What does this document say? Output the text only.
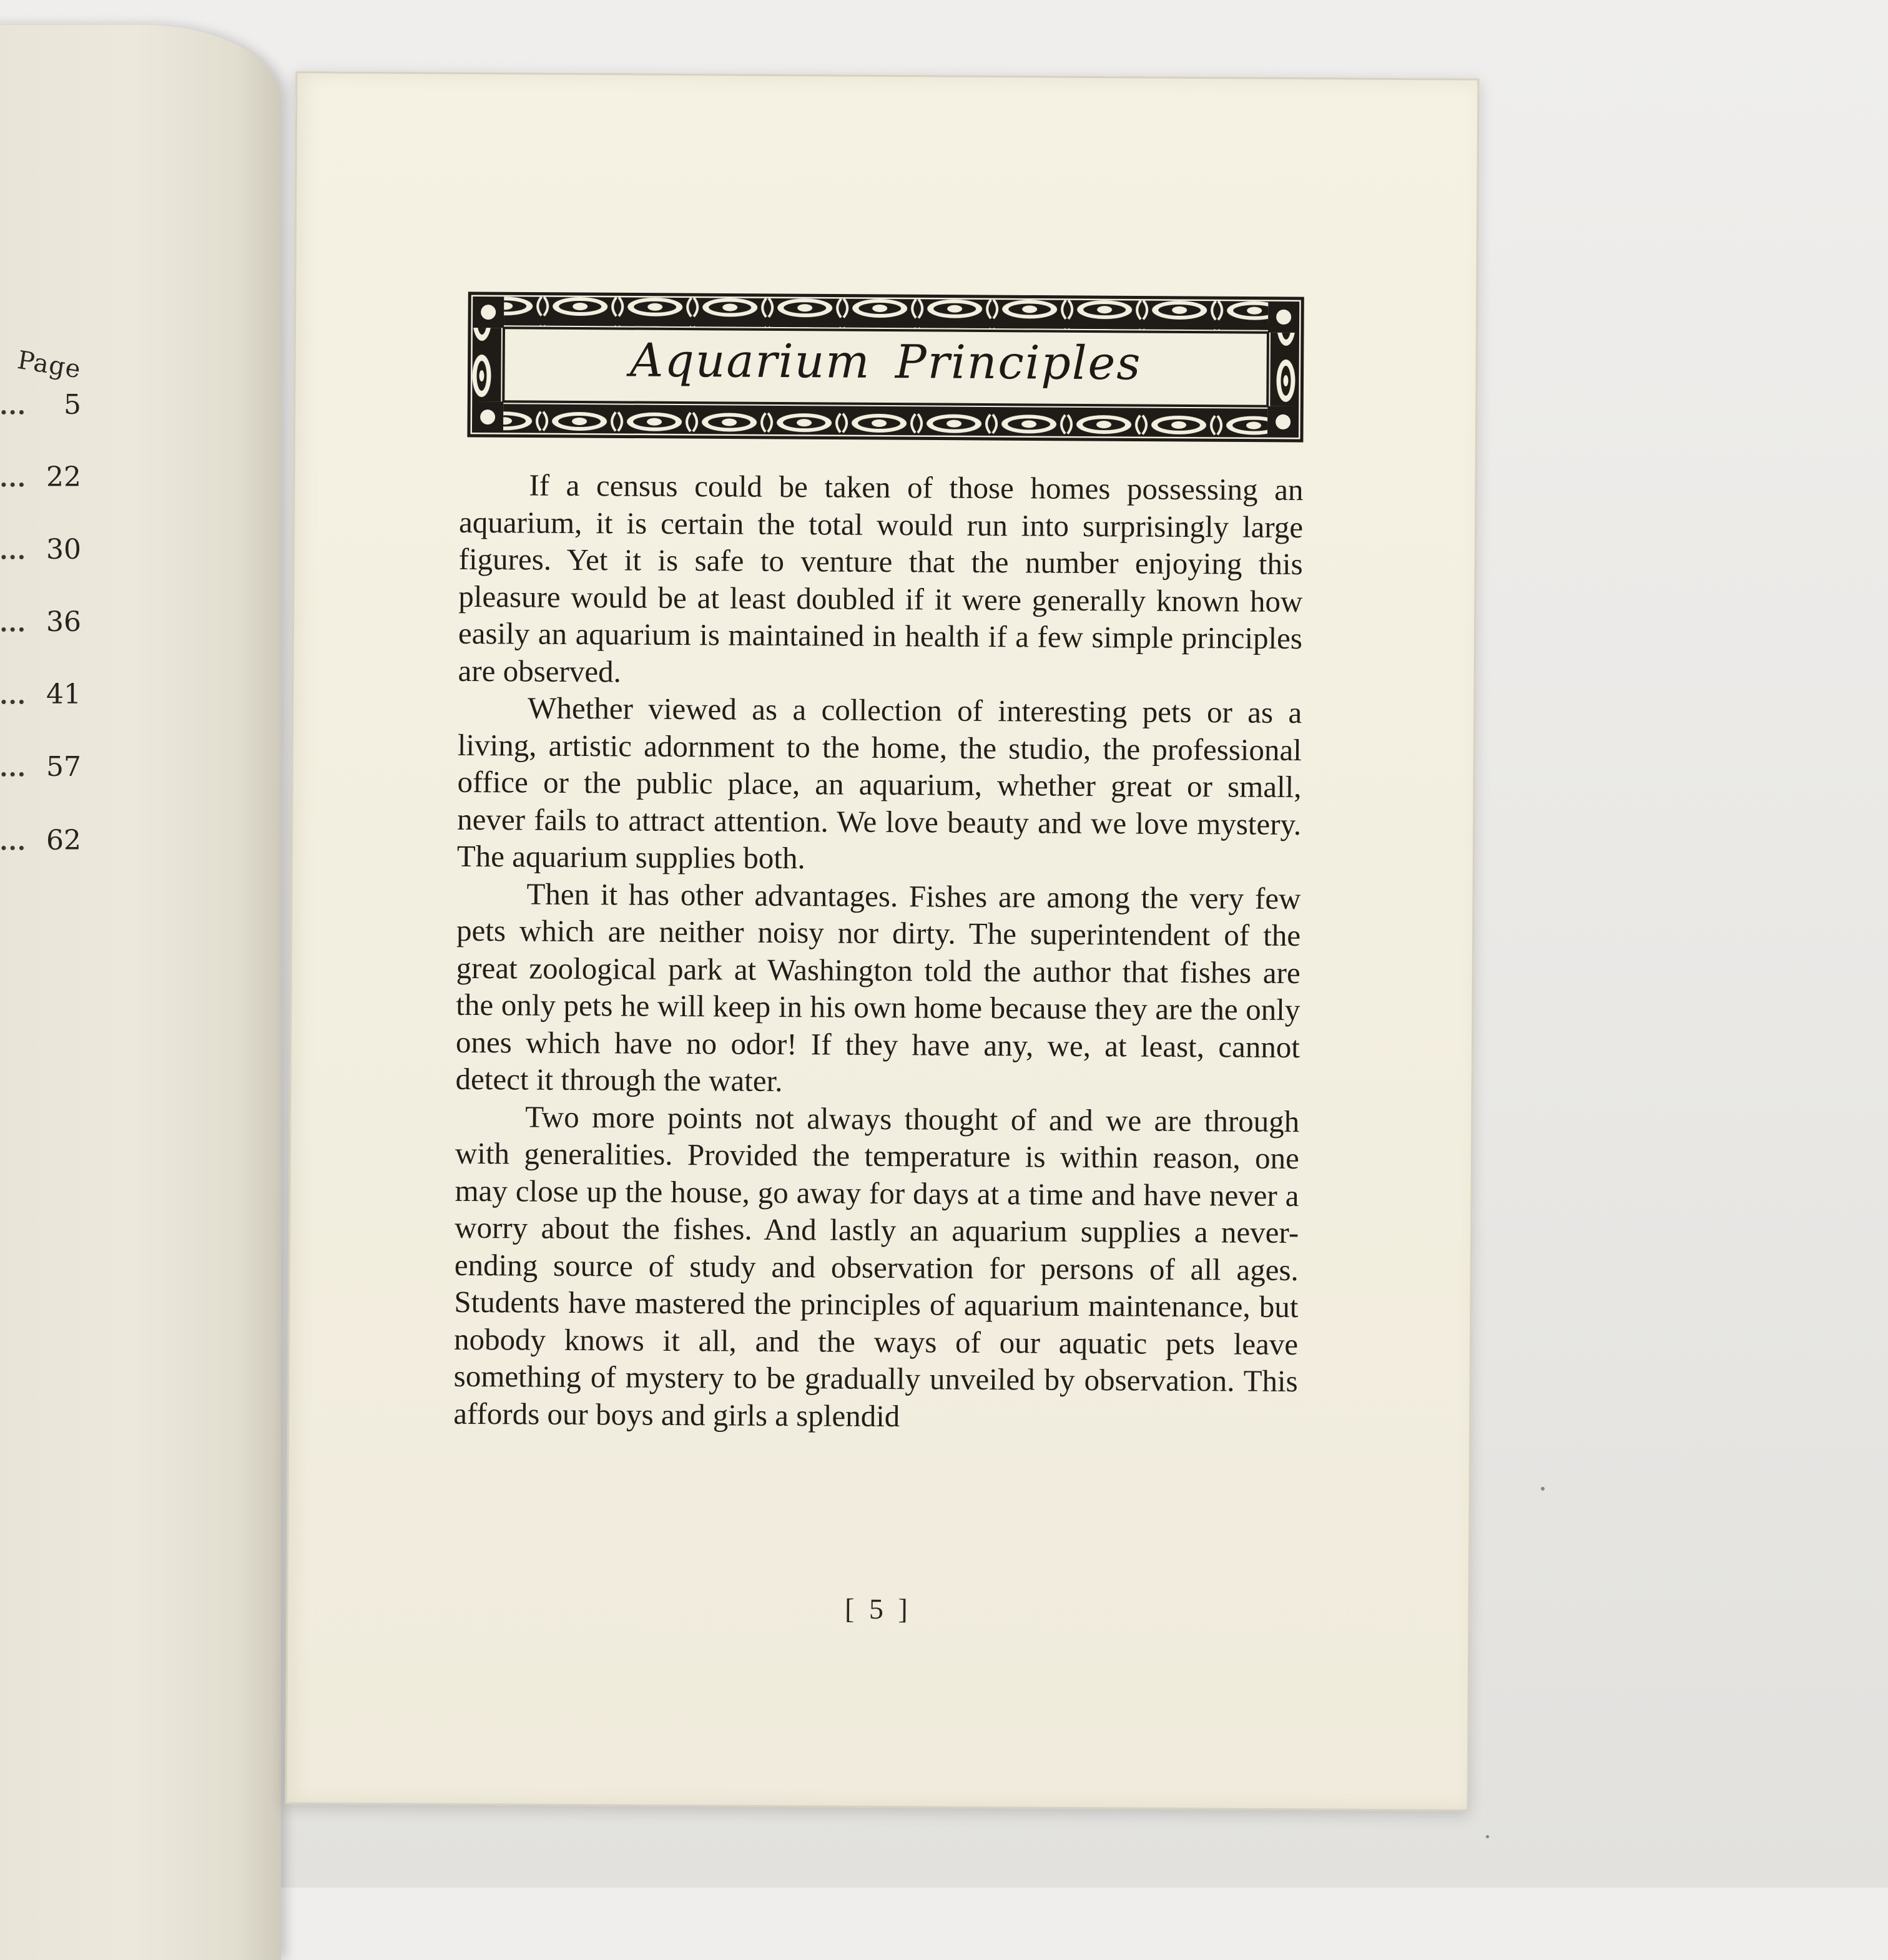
Page
5
22
30
36
41
57
62
Aquarium Principles

If a census could be taken of those homes possessing an aquarium, it is certain the total would run into surprisingly large figures. Yet it is safe to venture that the number enjoying this pleasure would be at least doubled if it were generally known how easily an aquarium is maintained in health if a few simple principles are observed.

Whether viewed as a collection of interesting pets or as a living, artistic adornment to the home, the studio, the professional office or the public place, an aquarium, whether great or small, never fails to attract attention. We love beauty and we love mystery. The aquarium supplies both.

Then it has other advantages. Fishes are among the very few pets which are neither noisy nor dirty. The superintendent of the great zoological park at Washington told the author that fishes are the only pets he will keep in his own home because they are the only ones which have no odor! If they have any, we, at least, cannot detect it through the water.

Two more points not always thought of and we are through with generalities. Provided the temperature is within reason, one may close up the house, go away for days at a time and have never a worry about the fishes. And lastly an aquarium supplies a never-ending source of study and observation for persons of all ages. Students have mastered the principles of aquarium maintenance, but nobody knows it all, and the ways of our aquatic pets leave something of mystery to be gradually unveiled by observation. This affords our boys and girls a splendid

[ 5 ]
